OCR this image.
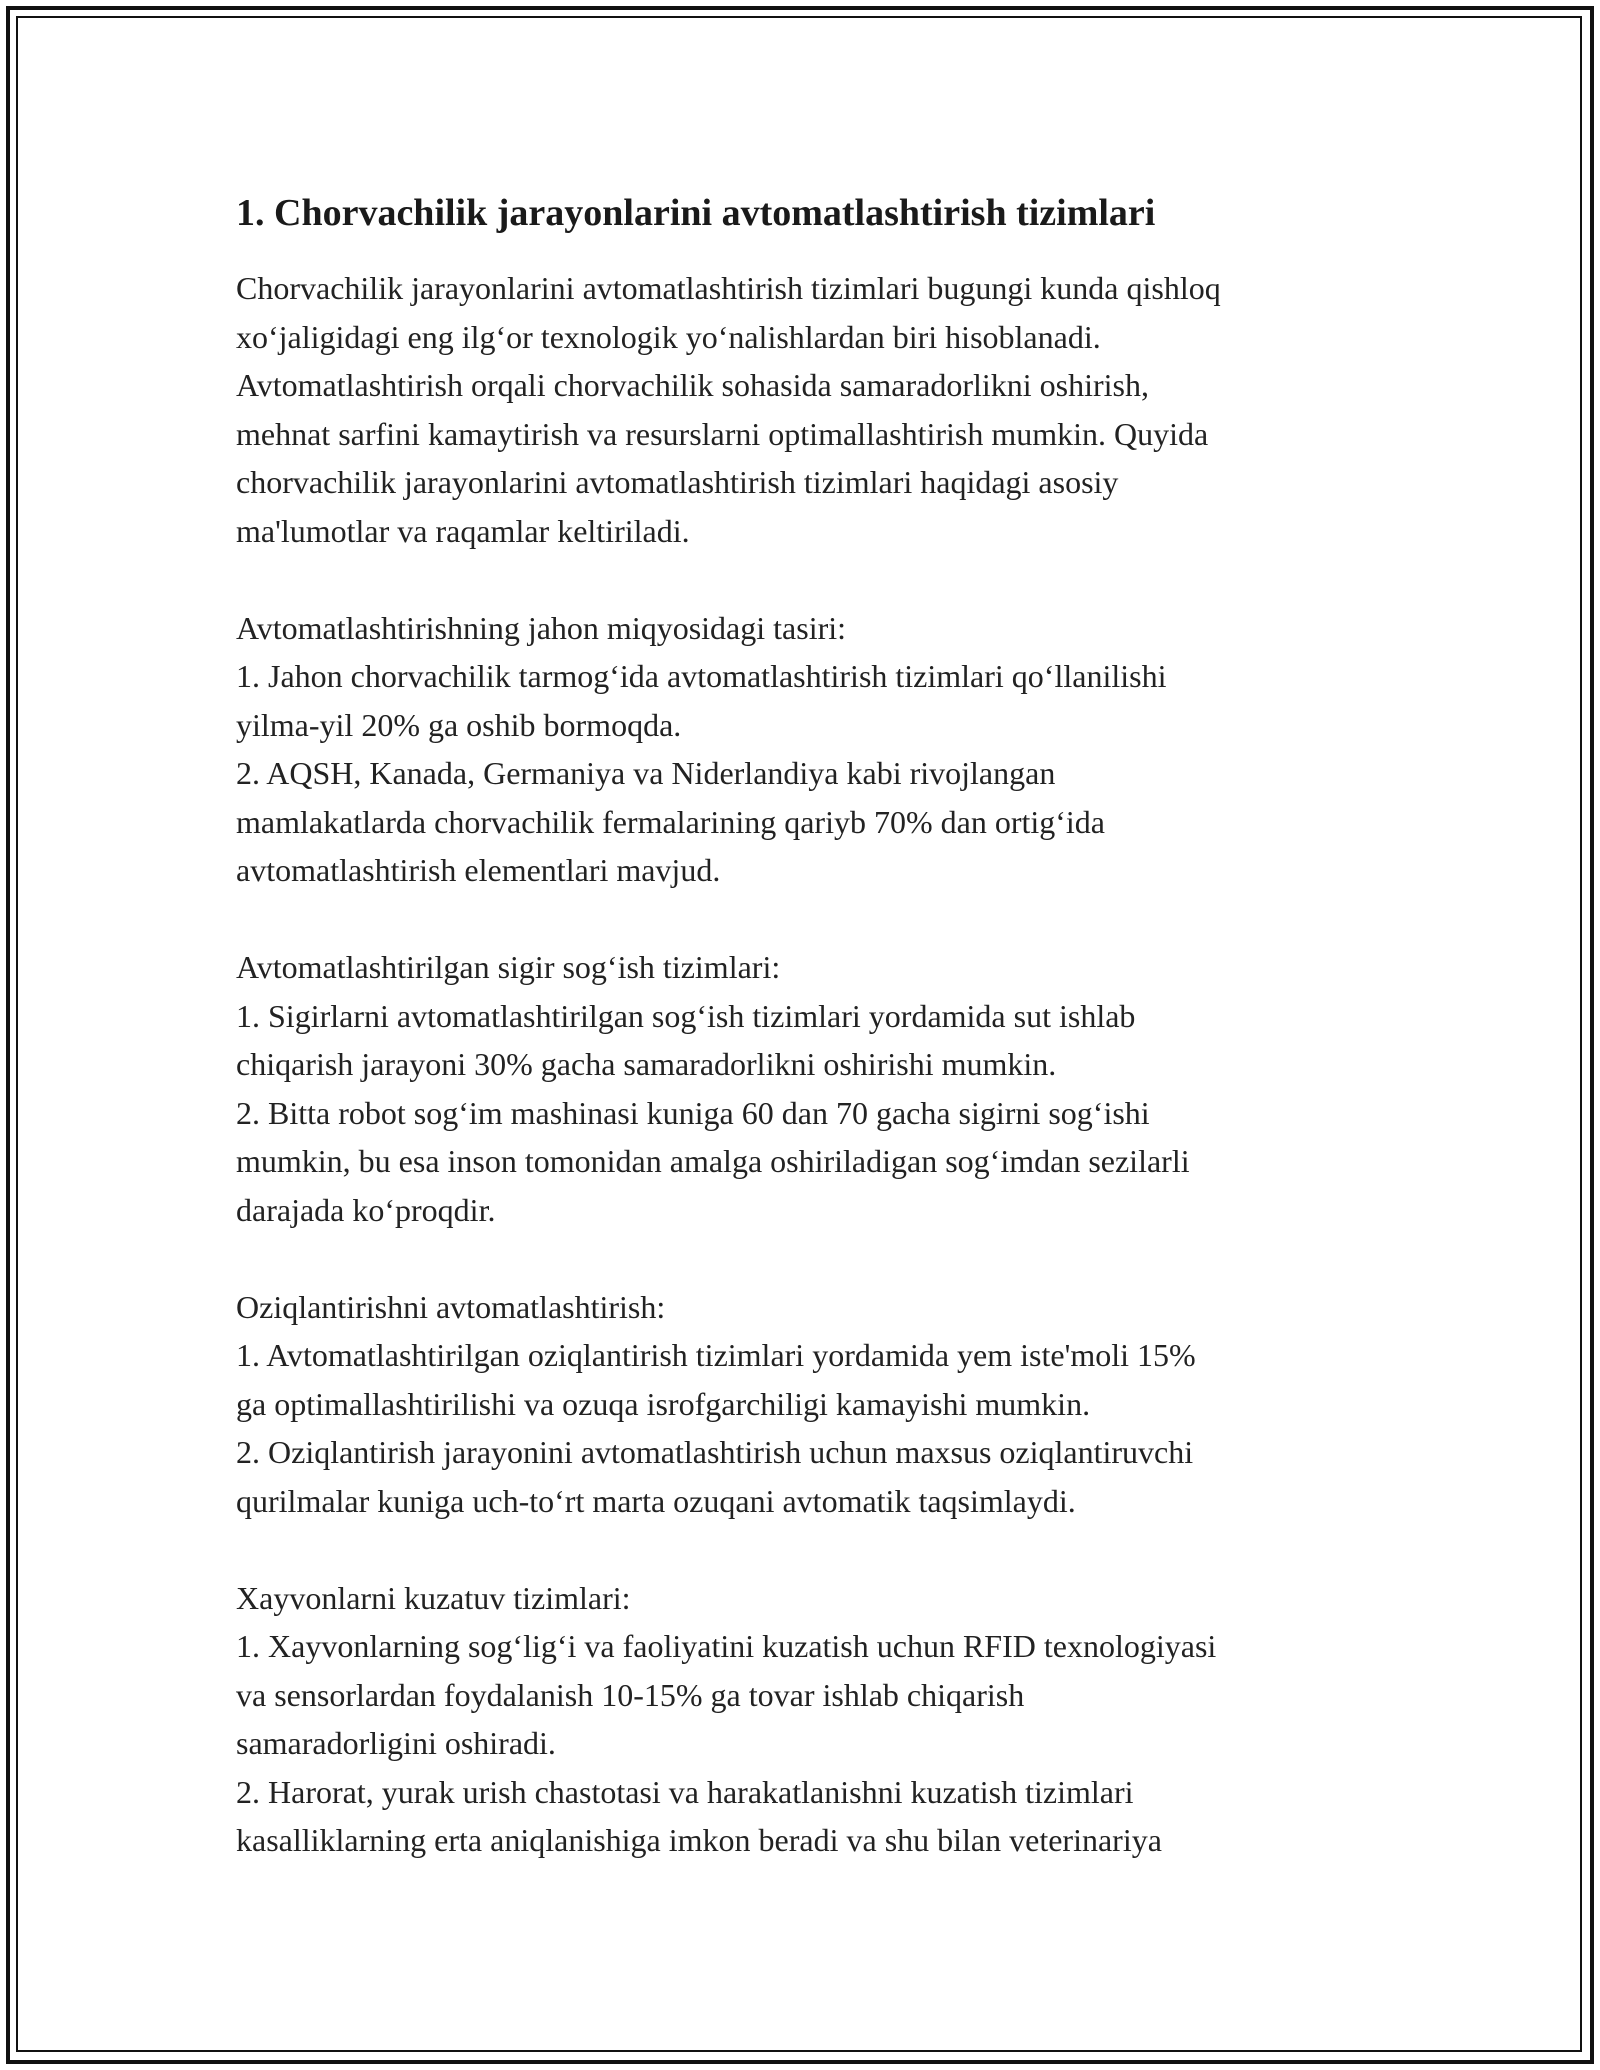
1. Chorvachilik jarayonlarini avtomatlashtirish tizimlari
Chorvachilik jarayonlarini avtomatlashtirish tizimlari bugungi kunda qishloq
xo‘jaligidagi eng ilg‘or texnologik yo‘nalishlardan biri hisoblanadi.
Avtomatlashtirish orqali chorvachilik sohasida samaradorlikni oshirish,
mehnat sarfini kamaytirish va resurslarni optimallashtirish mumkin. Quyida
chorvachilik jarayonlarini avtomatlashtirish tizimlari haqidagi asosiy
ma'lumotlar va raqamlar keltiriladi.
Avtomatlashtirishning jahon miqyosidagi tasiri:
1. Jahon chorvachilik tarmog‘ida avtomatlashtirish tizimlari qo‘llanilishi
yilma-yil 20% ga oshib bormoqda.
2. AQSH, Kanada, Germaniya va Niderlandiya kabi rivojlangan
mamlakatlarda chorvachilik fermalarining qariyb 70% dan ortig‘ida
avtomatlashtirish elementlari mavjud.
Avtomatlashtirilgan sigir sog‘ish tizimlari:
1. Sigirlarni avtomatlashtirilgan sog‘ish tizimlari yordamida sut ishlab
chiqarish jarayoni 30% gacha samaradorlikni oshirishi mumkin.
2. Bitta robot sog‘im mashinasi kuniga 60 dan 70 gacha sigirni sog‘ishi
mumkin, bu esa inson tomonidan amalga oshiriladigan sog‘imdan sezilarli
darajada ko‘proqdir.
Oziqlantirishni avtomatlashtirish:
1. Avtomatlashtirilgan oziqlantirish tizimlari yordamida yem iste'moli 15%
ga optimallashtirilishi va ozuqa isrofgarchiligi kamayishi mumkin.
2. Oziqlantirish jarayonini avtomatlashtirish uchun maxsus oziqlantiruvchi
qurilmalar kuniga uch-to‘rt marta ozuqani avtomatik taqsimlaydi.
Xayvonlarni kuzatuv tizimlari:
1. Xayvonlarning sog‘lig‘i va faoliyatini kuzatish uchun RFID texnologiyasi
va sensorlardan foydalanish 10-15% ga tovar ishlab chiqarish
samaradorligini oshiradi.
2. Harorat, yurak urish chastotasi va harakatlanishni kuzatish tizimlari
kasalliklarning erta aniqlanishiga imkon beradi va shu bilan veterinariya
